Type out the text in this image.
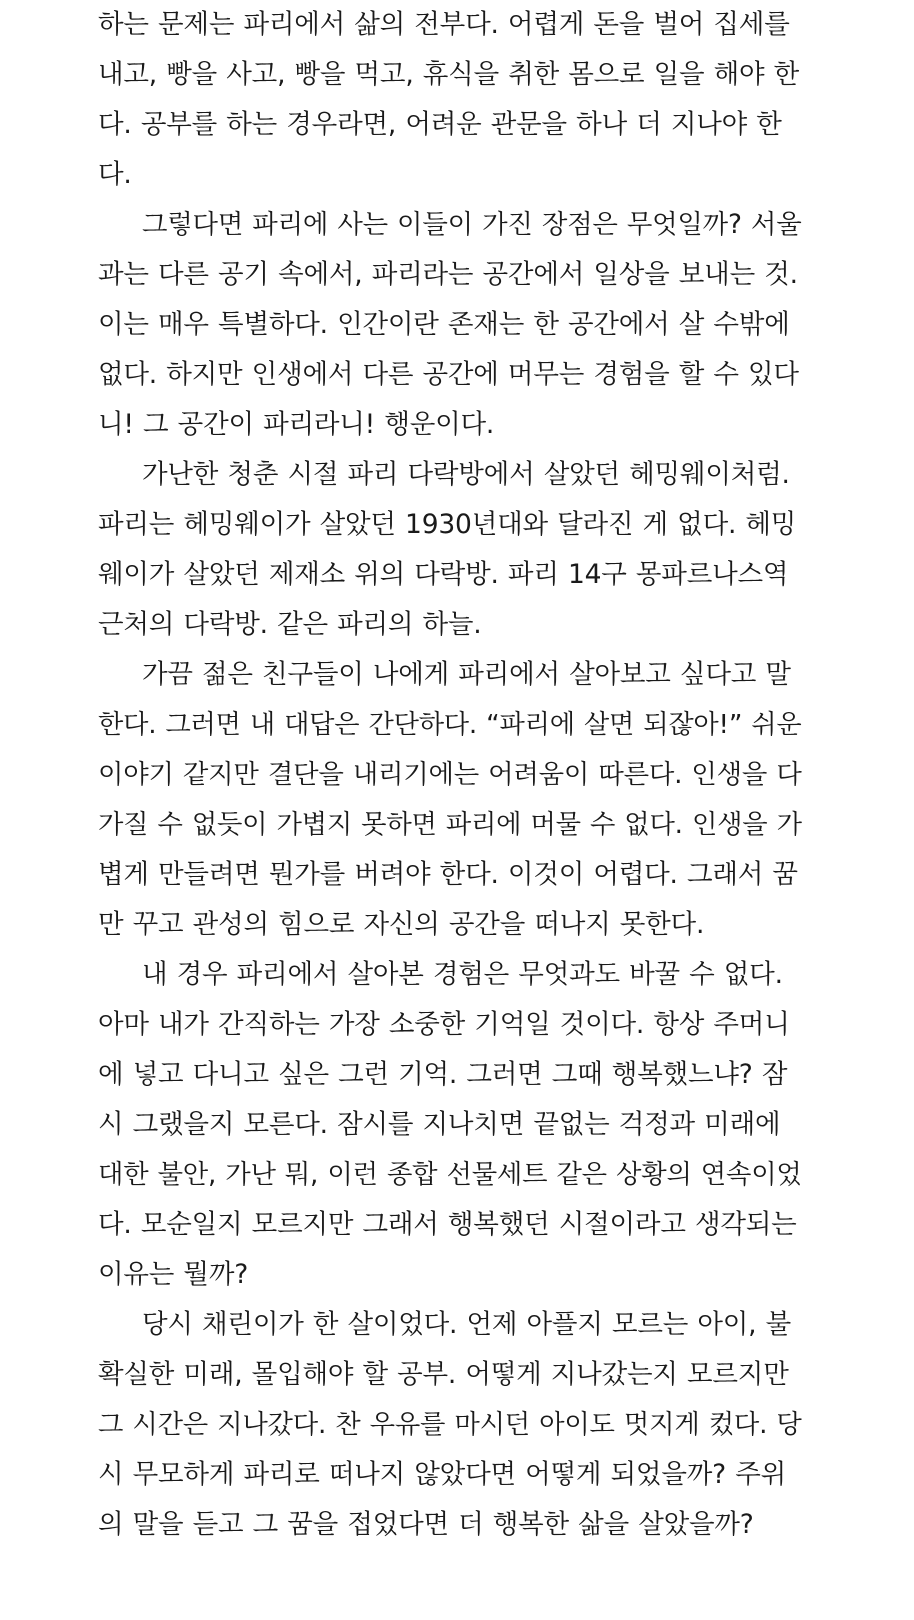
하는 문제는 파리에서 삶의 전부다. 어렵게 돈을 벌어 집세를
내고, 빵을 사고, 빵을 먹고, 휴식을 취한 몸으로 일을 해야 한
다. 공부를 하는 경우라면, 어려운 관문을 하나 더 지나야 한
다.

그렇다면 파리에 사는 이들이 가진 장점은 무엇일까? 서울
과는 다른 공기 속에서, 파리라는 공간에서 일상을 보내는 것.
이는 매우 특별하다. 인간이란 존재는 한 공간에서 살 수밖에
없다. 하지만 인생에서 다른 공간에 머무는 경험을 할 수 있다
니! 그 공간이 파리라니! 행운이다.

가난한 청춘 시절 파리 다락방에서 살았던 헤밍웨이처럼.
파리는 헤밍웨이가 살았던 1930년대와 달라진 게 없다. 헤밍
웨이가 살았던 제재소 위의 다락방. 파리 14구 몽파르나스역
근처의 다락방. 같은 파리의 하늘.

가끔 젊은 친구들이 나에게 파리에서 살아보고 싶다고 말
한다. 그러면 내 대답은 간단하다. “파리에 살면 되잖아!” 쉬운
이야기 같지만 결단을 내리기에는 어려움이 따른다. 인생을 다
가질 수 없듯이 가볍지 못하면 파리에 머물 수 없다. 인생을 가
볍게 만들려면 뭔가를 버려야 한다. 이것이 어렵다. 그래서 꿈
만 꾸고 관성의 힘으로 자신의 공간을 떠나지 못한다.

내 경우 파리에서 살아본 경험은 무엇과도 바꿀 수 없다.
아마 내가 간직하는 가장 소중한 기억일 것이다. 항상 주머니
에 넣고 다니고 싶은 그런 기억. 그러면 그때 행복했느냐? 잠
시 그랬을지 모른다. 잠시를 지나치면 끝없는 걱정과 미래에
대한 불안, 가난 뭐, 이런 종합 선물세트 같은 상황의 연속이었
다. 모순일지 모르지만 그래서 행복했던 시절이라고 생각되는
이유는 뭘까?

당시 채린이가 한 살이었다. 언제 아플지 모르는 아이, 불
확실한 미래, 몰입해야 할 공부. 어떻게 지나갔는지 모르지만
그 시간은 지나갔다. 찬 우유를 마시던 아이도 멋지게 컸다. 당
시 무모하게 파리로 떠나지 않았다면 어떻게 되었을까? 주위
의 말을 듣고 그 꿈을 접었다면 더 행복한 삶을 살았을까?
